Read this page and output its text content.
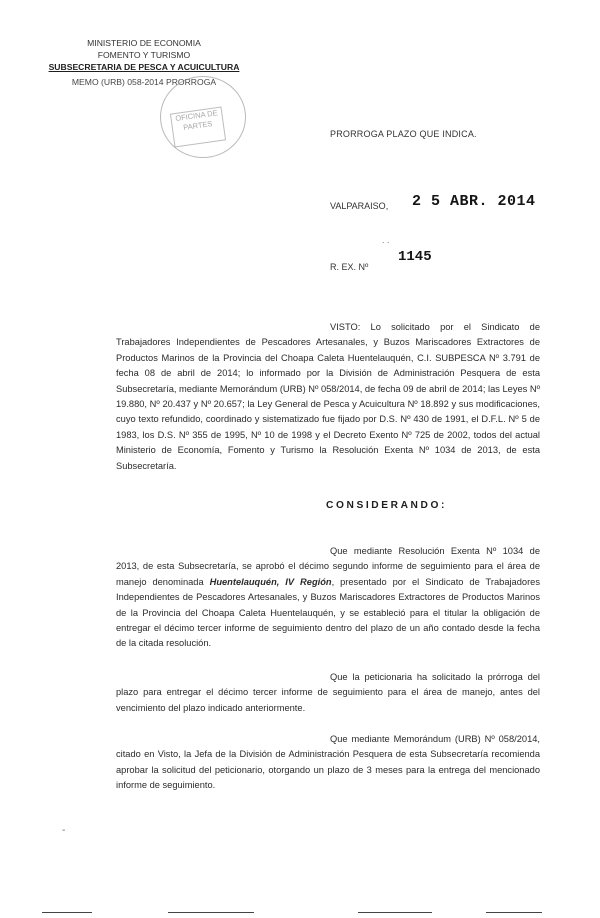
MINISTERIO DE ECONOMIA
FOMENTO Y TURISMO
SUBSECRETARIA DE PESCA Y ACUICULTURA
MEMO (URB) 058-2014 PRORROGA
OFICINA DE PARTES
PRORROGA PLAZO QUE INDICA.
VALPARAISO, 2 5 ABR. 2014
. .
R. EX. Nº
1145
VISTO: Lo solicitado por el Sindicato de Trabajadores Independientes de Pescadores Artesanales, y Buzos Mariscadores Extractores de Productos Marinos de la Provincia del Choapa Caleta Huentelauquén, C.I. SUBPESCA Nº 3.791 de fecha 08 de abril de 2014; lo informado por la División de Administración Pesquera de esta Subsecretaría, mediante Memorándum (URB) Nº 058/2014, de fecha 09 de abril de 2014; las Leyes Nº 19.880, Nº 20.437 y Nº 20.657; la Ley General de Pesca y Acuicultura Nº 18.892 y sus modificaciones, cuyo texto refundido, coordinado y sistematizado fue fijado por D.S. Nº 430 de 1991, el D.F.L. Nº 5 de 1983, los D.S. Nº 355 de 1995, Nº 10 de 1998 y el Decreto Exento Nº 725 de 2002, todos del actual Ministerio de Economía, Fomento y Turismo la Resolución Exenta Nº 1034 de 2013, de esta Subsecretaría.
CONSIDERANDO:
Que mediante Resolución Exenta Nº 1034 de 2013, de esta Subsecretaría, se aprobó el décimo segundo informe de seguimiento para el área de manejo denominada Huentelauquén, IV Región, presentado por el Sindicato de Trabajadores Independientes de Pescadores Artesanales, y Buzos Mariscadores Extractores de Productos Marinos de la Provincia del Choapa Caleta Huentelauquén, y se estableció para el titular la obligación de entregar el décimo tercer informe de seguimiento dentro del plazo de un año contado desde la fecha de la citada resolución.
Que la peticionaria ha solicitado la prórroga del plazo para entregar el décimo tercer informe de seguimiento para el área de manejo, antes del vencimiento del plazo indicado anteriormente.
Que mediante Memorándum (URB) Nº 058/2014, citado en Visto, la Jefa de la División de Administración Pesquera de esta Subsecretaría recomienda aprobar la solicitud del peticionario, otorgando un plazo de 3 meses para la entrega del mencionado informe de seguimiento.
-
